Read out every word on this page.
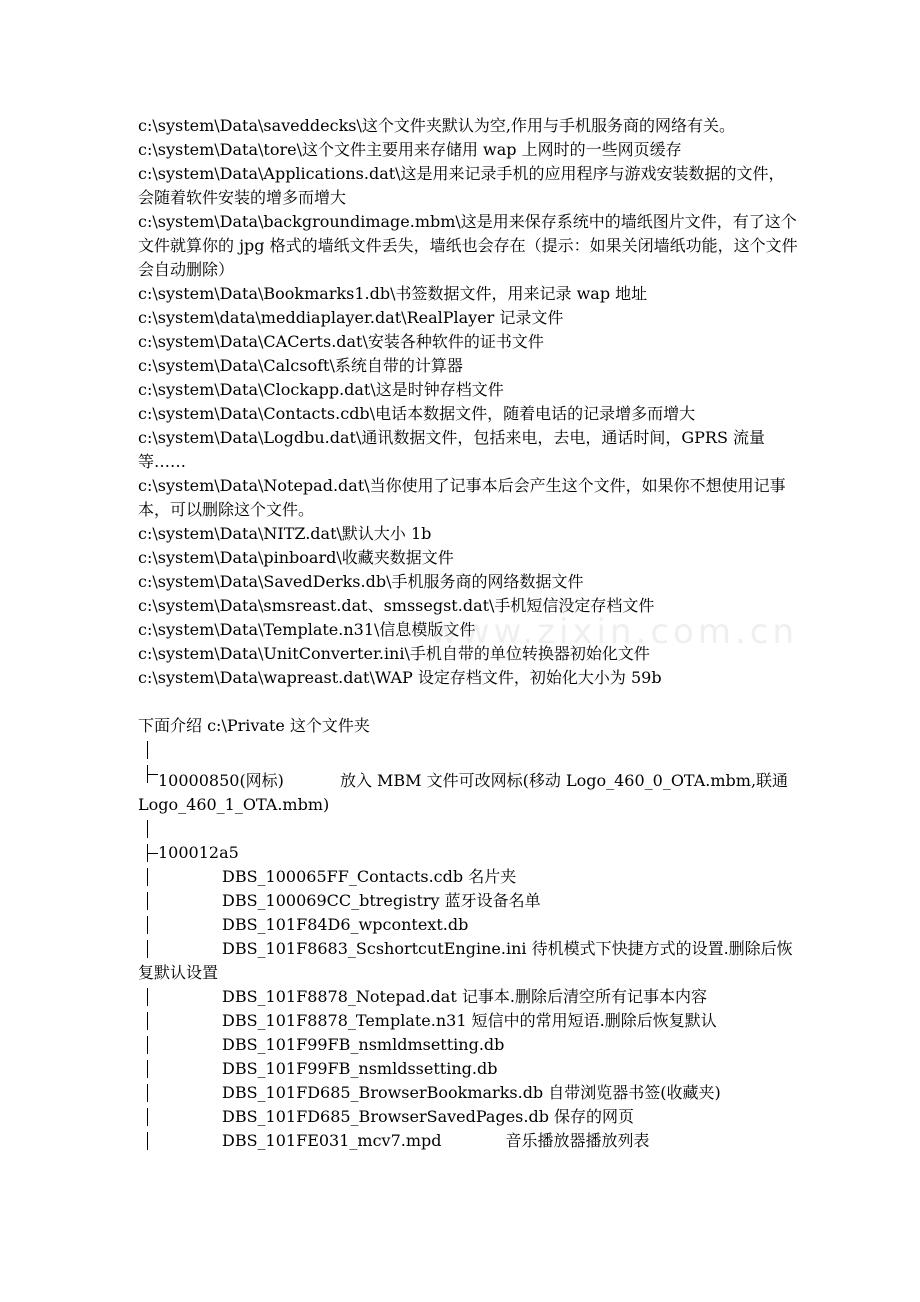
c:\system\Data\saveddecks\这个文件夹默认为空,作用与手机服务商的网络有关。

c:\system\Data\tore\这个文件主要用来存储用 wap 上网时的一些网页缓存

c:\system\Data\Applications.dat\这是用来记录手机的应用程序与游戏安装数据的文件，会随着软件安装的增多而增大

c:\system\Data\backgroundimage.mbm\这是用来保存系统中的墙纸图片文件，有了这个文件就算你的 jpg 格式的墙纸文件丢失，墙纸也会存在（提示：如果关闭墙纸功能，这个文件会自动删除）

c:\system\Data\Bookmarks1.db\书签数据文件，用来记录 wap 地址

c:\system\data\meddiaplayer.dat\RealPlayer 记录文件

c:\system\Data\CACerts.dat\安装各种软件的证书文件

c:\system\Data\Calcsoft\系统自带的计算器

c:\system\Data\Clockapp.dat\这是时钟存档文件

c:\system\Data\Contacts.cdb\电话本数据文件，随着电话的记录增多而增大

c:\system\Data\Logdbu.dat\通讯数据文件，包括来电，去电，通话时间，GPRS 流量等……

c:\system\Data\Notepad.dat\当你使用了记事本后会产生这个文件，如果你不想使用记事本，可以删除这个文件。

c:\system\Data\NITZ.dat\默认大小 1b

c:\system\Data\pinboard\收藏夹数据文件

c:\system\Data\SavedDerks.db\手机服务商的网络数据文件

c:\system\Data\smsreast.dat、smssegst.dat\手机短信没定存档文件

c:\system\Data\Template.n31\信息模版文件

c:\system\Data\UnitConverter.ini\手机自带的单位转换器初始化文件

c:\system\Data\wapreast.dat\WAP 设定存档文件，初始化大小为 59b

下面介绍 c:\Private 这个文件夹

10000850(网标)	放入 MBM 文件可改网标(移动 Logo_460_0_OTA.mbm,联通 Logo_460_1_OTA.mbm)
100012a5
DBS_100065FF_Contacts.cdb 名片夹
DBS_100069CC_btregistry 蓝牙设备名单
DBS_101F84D6_wpcontext.db
DBS_101F8683_ScshortcutEngine.ini 待机模式下快捷方式的设置.删除后恢复默认设置
DBS_101F8878_Notepad.dat 记事本.删除后清空所有记事本内容
DBS_101F8878_Template.n31 短信中的常用短语.删除后恢复默认
DBS_101F99FB_nsmldmsetting.db
DBS_101F99FB_nsmldssetting.db
DBS_101FD685_BrowserBookmarks.db 自带浏览器书签(收藏夹)
DBS_101FD685_BrowserSavedPages.db 保存的网页
DBS_101FE031_mcv7.mpd	音乐播放器播放列表
www.zixin.com.cn
